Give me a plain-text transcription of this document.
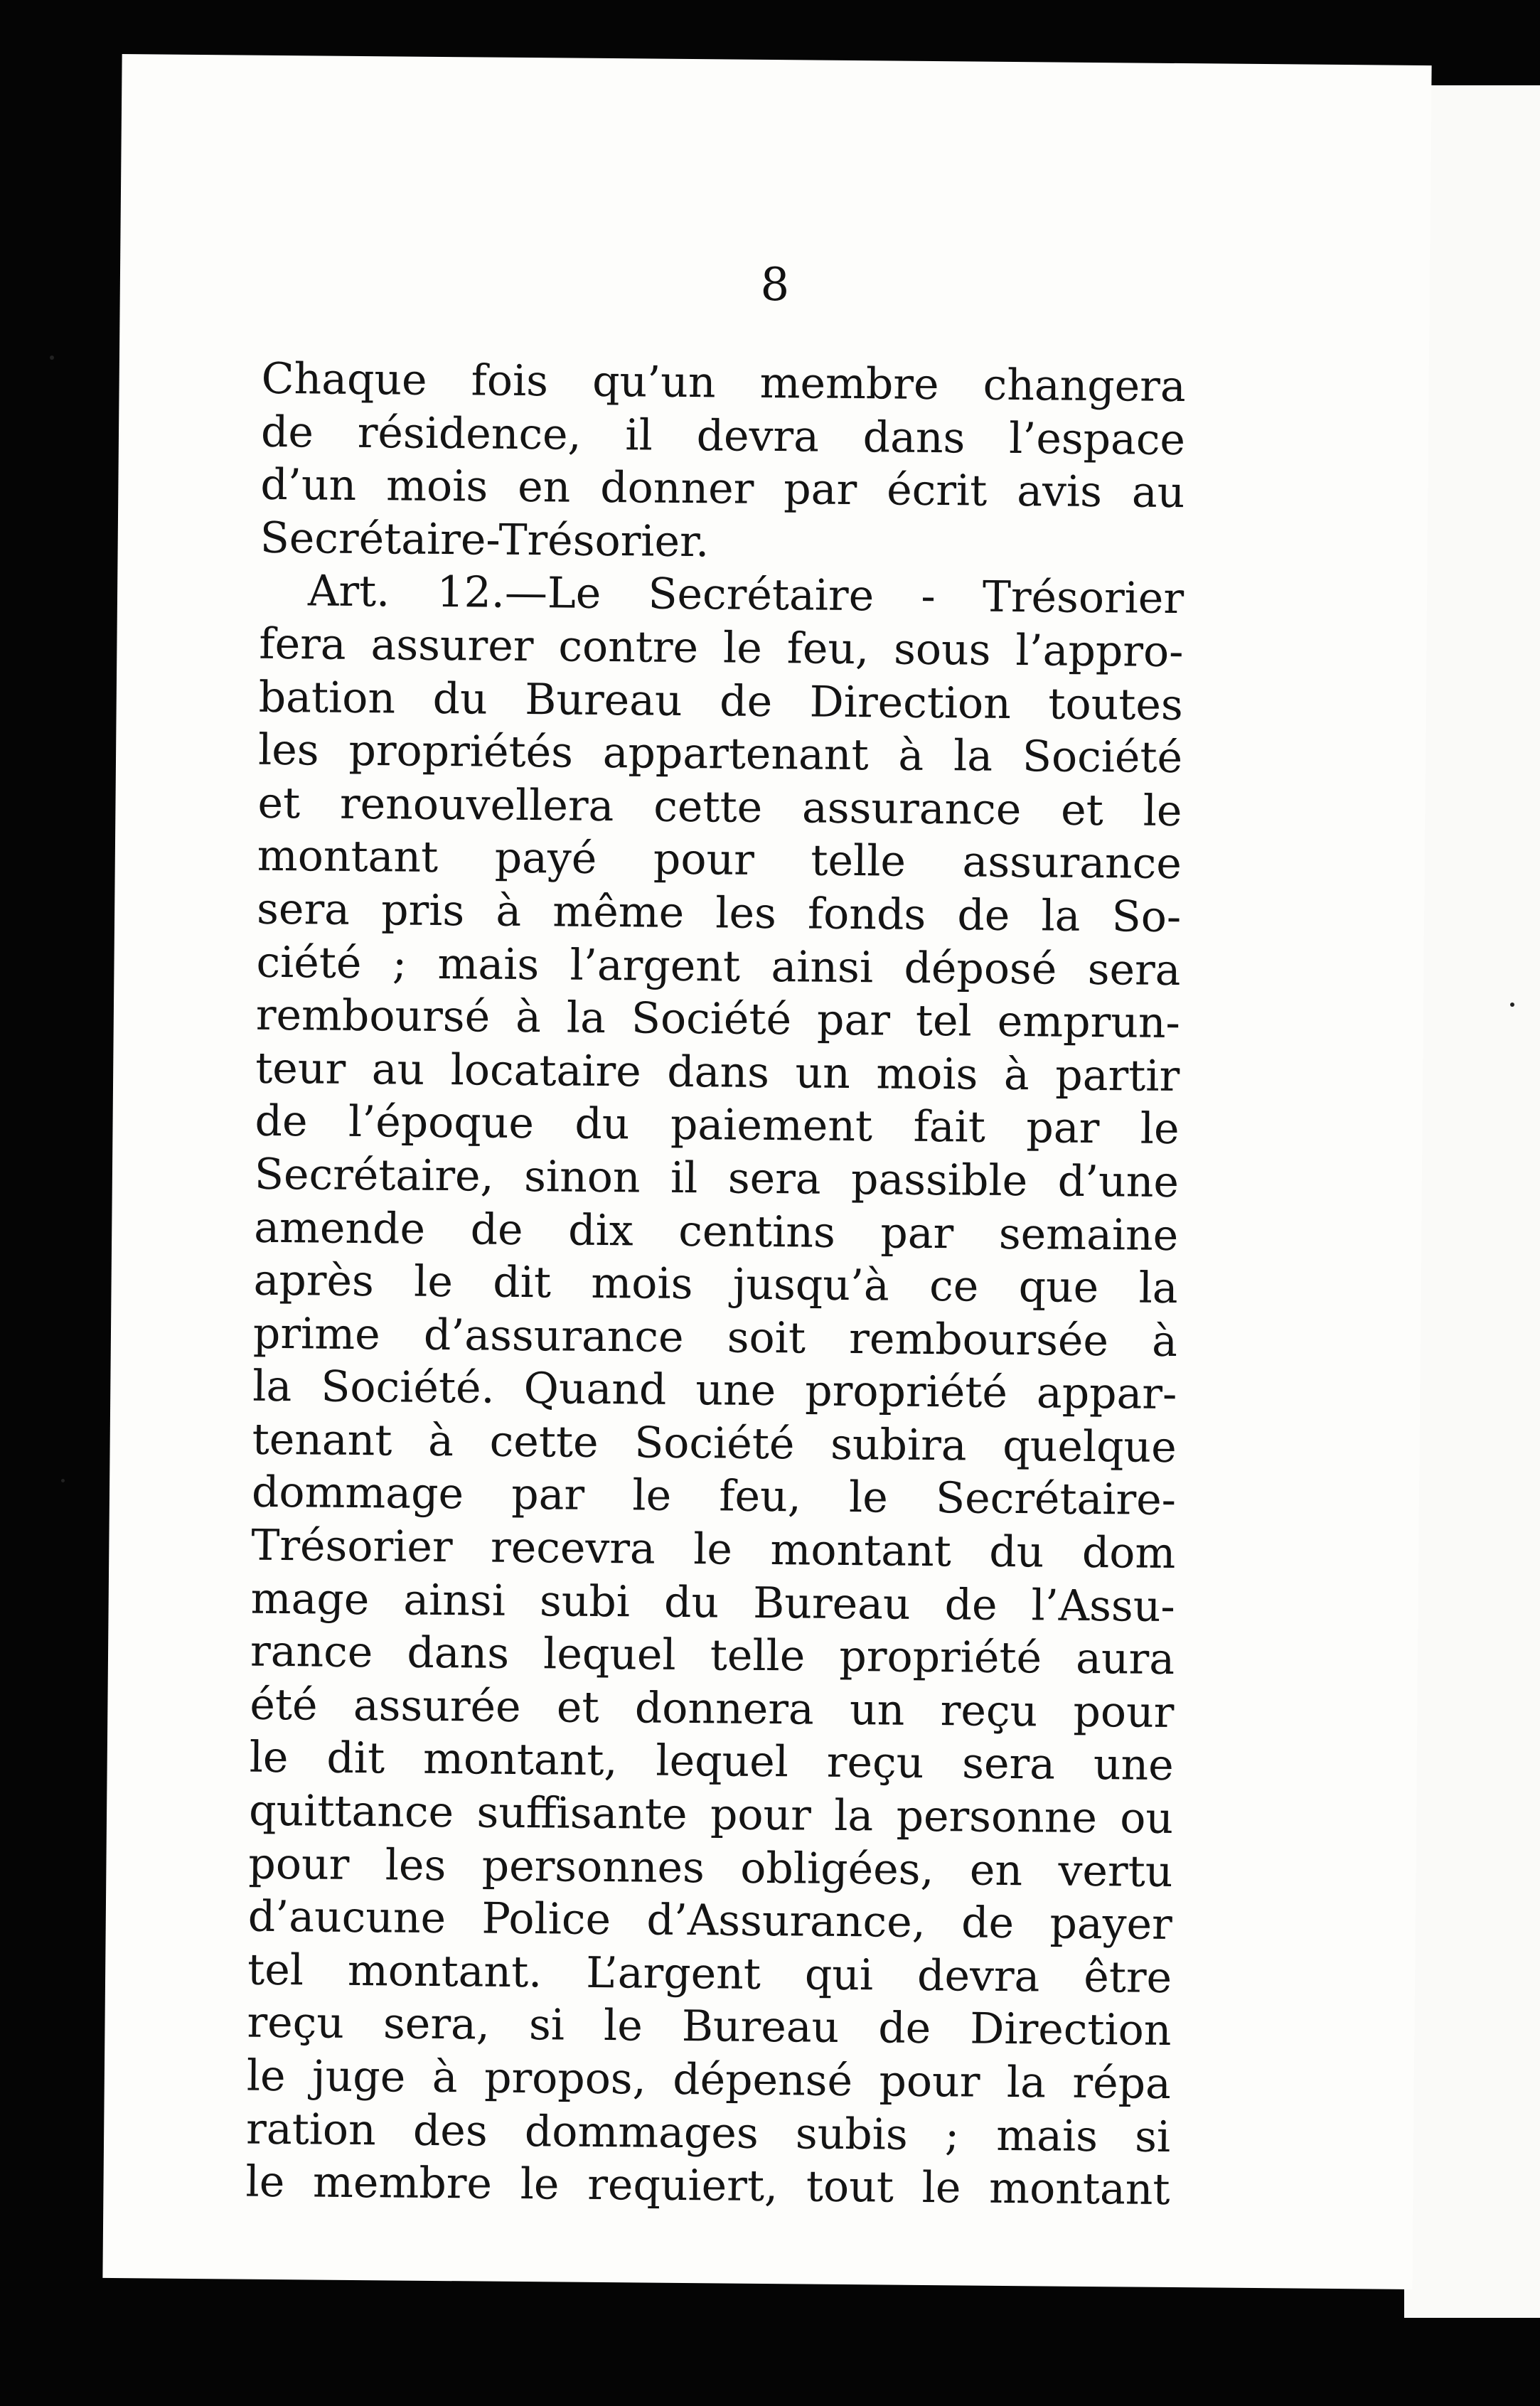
8
Chaque fois qu’un membre changera
de résidence, il devra dans l’espace
d’un mois en donner par écrit avis au
Secrétaire-Trésorier.
Art. 12.—Le Secrétaire - Trésorier
fera assurer contre le feu, sous l’appro-
bation du Bureau de Direction toutes
les propriétés appartenant à la Société
et renouvellera cette assurance et le
montant payé pour telle assurance
sera pris à même les fonds de la So-
ciété ; mais l’argent ainsi déposé sera
remboursé à la Société par tel emprun-
teur au locataire dans un mois à partir
de l’époque du paiement fait par le
Secrétaire, sinon il sera passible d’une
amende de dix centins par semaine
après le dit mois jusqu’à ce que la
prime d’assurance soit remboursée à
la Société. Quand une propriété appar-
tenant à cette Société subira quelque
dommage par le feu, le Secrétaire-
Trésorier recevra le montant du dom
mage ainsi subi du Bureau de l’Assu-
rance dans lequel telle propriété aura
été assurée et donnera un reçu pour
le dit montant, lequel reçu sera une
quittance suffisante pour la personne ou
pour les personnes obligées, en vertu
d’aucune Police d’Assurance, de payer
tel montant. L’argent qui devra être
reçu sera, si le Bureau de Direction
le juge à propos, dépensé pour la répa
ration des dommages subis ; mais si
le membre le requiert, tout le montant
